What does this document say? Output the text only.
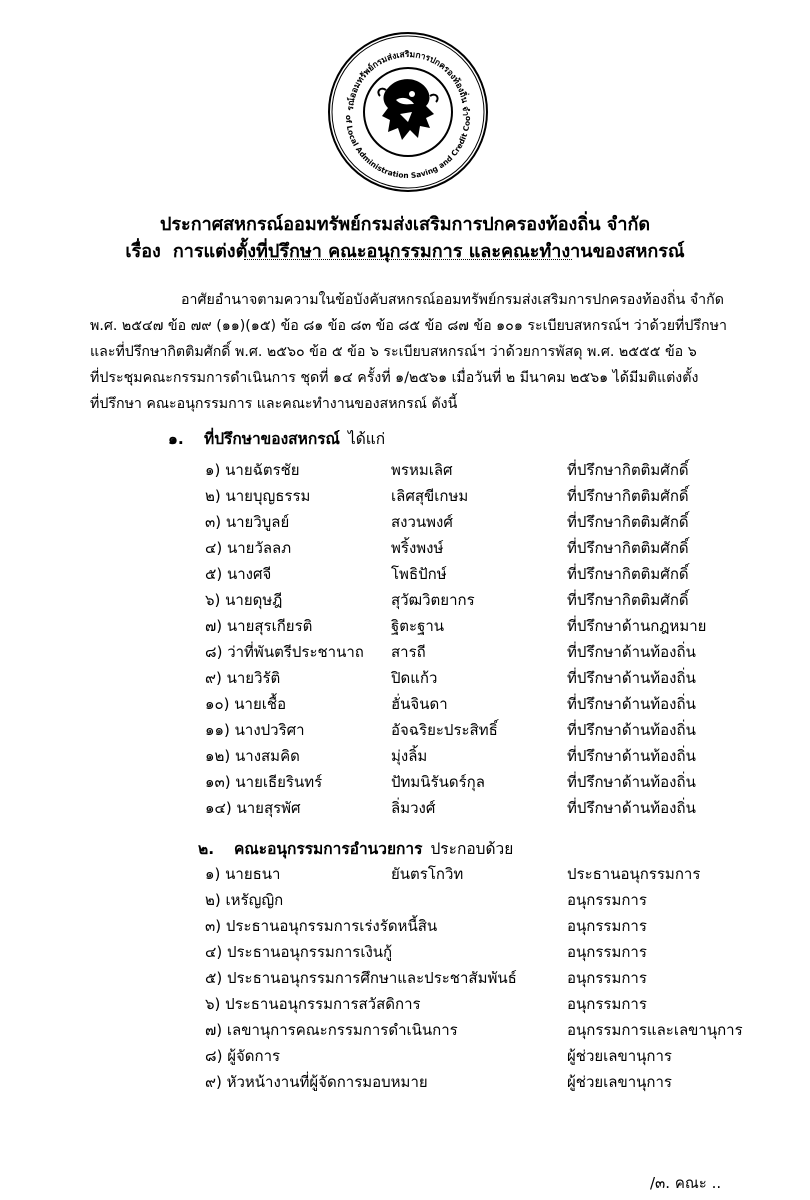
รณ์ออมทรัพย์กรมส่งเสริมการปกครองท้องถิ่น จำ
of Local Administration Saving and Credit Coo
ประกาศสหกรณ์ออมทรัพย์กรมส่งเสริมการปกครองท้องถิ่น จำกัด
เรื่อง การแต่งตั้งที่ปรึกษา คณะอนุกรรมการ และคณะทำงานของสหกรณ์
อาศัยอำนาจตามความในข้อบังคับสหกรณ์ออมทรัพย์กรมส่งเสริมการปกครองท้องถิ่น จำกัด
พ.ศ. ๒๕๔๗ ข้อ ๗๙ (๑๑)(๑๕) ข้อ ๘๑ ข้อ ๘๓ ข้อ ๘๕ ข้อ ๘๗ ข้อ ๑๐๑ ระเบียบสหกรณ์ฯ ว่าด้วยที่ปรึกษา
และที่ปรึกษากิตติมศักดิ์ พ.ศ. ๒๕๖๐ ข้อ ๕ ข้อ ๖ ระเบียบสหกรณ์ฯ ว่าด้วยการพัสดุ พ.ศ. ๒๕๕๕ ข้อ ๖
ที่ประชุมคณะกรรมการดำเนินการ ชุดที่ ๑๔ ครั้งที่ ๑/๒๕๖๑ เมื่อวันที่ ๒ มีนาคม ๒๕๖๑ ได้มีมติแต่งตั้ง
ที่ปรึกษา คณะอนุกรรมการ และคณะทำงานของสหกรณ์ ดังนี้
๑. ที่ปรึกษาของสหกรณ์ ได้แก่
๑) นายฉัตรชัย	พรหมเลิศ	ที่ปรึกษากิตติมศักดิ์
๒) นายบุญธรรม	เลิศสุขีเกษม	ที่ปรึกษากิตติมศักดิ์
๓) นายวิบูลย์	สงวนพงศ์	ที่ปรึกษากิตติมศักดิ์
๔) นายวัลลภ	พริ้งพงษ์	ที่ปรึกษากิตติมศักดิ์
๕) นางศจี	โพธิปักษ์	ที่ปรึกษากิตติมศักดิ์
๖) นายดุษฎี	สุวัฒวิตยากร	ที่ปรึกษากิตติมศักดิ์
๗) นายสุรเกียรติ	ฐิตะฐาน	ที่ปรึกษาด้านกฎหมาย
๘) ว่าที่พันตรีประชานาถ สารถี	ที่ปรึกษาด้านท้องถิ่น
๙) นายวิรัติ	ปิดแก้ว	ที่ปรึกษาด้านท้องถิ่น
๑๐) นายเชื้อ	ฮั่นจินดา	ที่ปรึกษาด้านท้องถิ่น
๑๑) นางปวริศา	อัจฉริยะประสิทธิ์	ที่ปรึกษาด้านท้องถิ่น
๑๒) นางสมคิด	มุ่งลิ้ม	ที่ปรึกษาด้านท้องถิ่น
๑๓) นายเธียรินทร์	ปัทมนิรันดร์กุล	ที่ปรึกษาด้านท้องถิ่น
๑๔) นายสุรพัศ	ลิ่มวงศ์	ที่ปรึกษาด้านท้องถิ่น
๒. คณะอนุกรรมการอำนวยการ ประกอบด้วย
๑) นายธนา	ยันตรโกวิท	ประธานอนุกรรมการ
๒) เหรัญญิก	อนุกรรมการ
๓) ประธานอนุกรรมการเร่งรัดหนี้สิน	อนุกรรมการ
๔) ประธานอนุกรรมการเงินกู้	อนุกรรมการ
๕) ประธานอนุกรรมการศึกษาและประชาสัมพันธ์	อนุกรรมการ
๖) ประธานอนุกรรมการสวัสดิการ	อนุกรรมการ
๗) เลขานุการคณะกรรมการดำเนินการ	อนุกรรมการและเลขานุการ
๘) ผู้จัดการ	ผู้ช่วยเลขานุการ
๙) หัวหน้างานที่ผู้จัดการมอบหมาย	ผู้ช่วยเลขานุการ
/๓. คณะ ..
